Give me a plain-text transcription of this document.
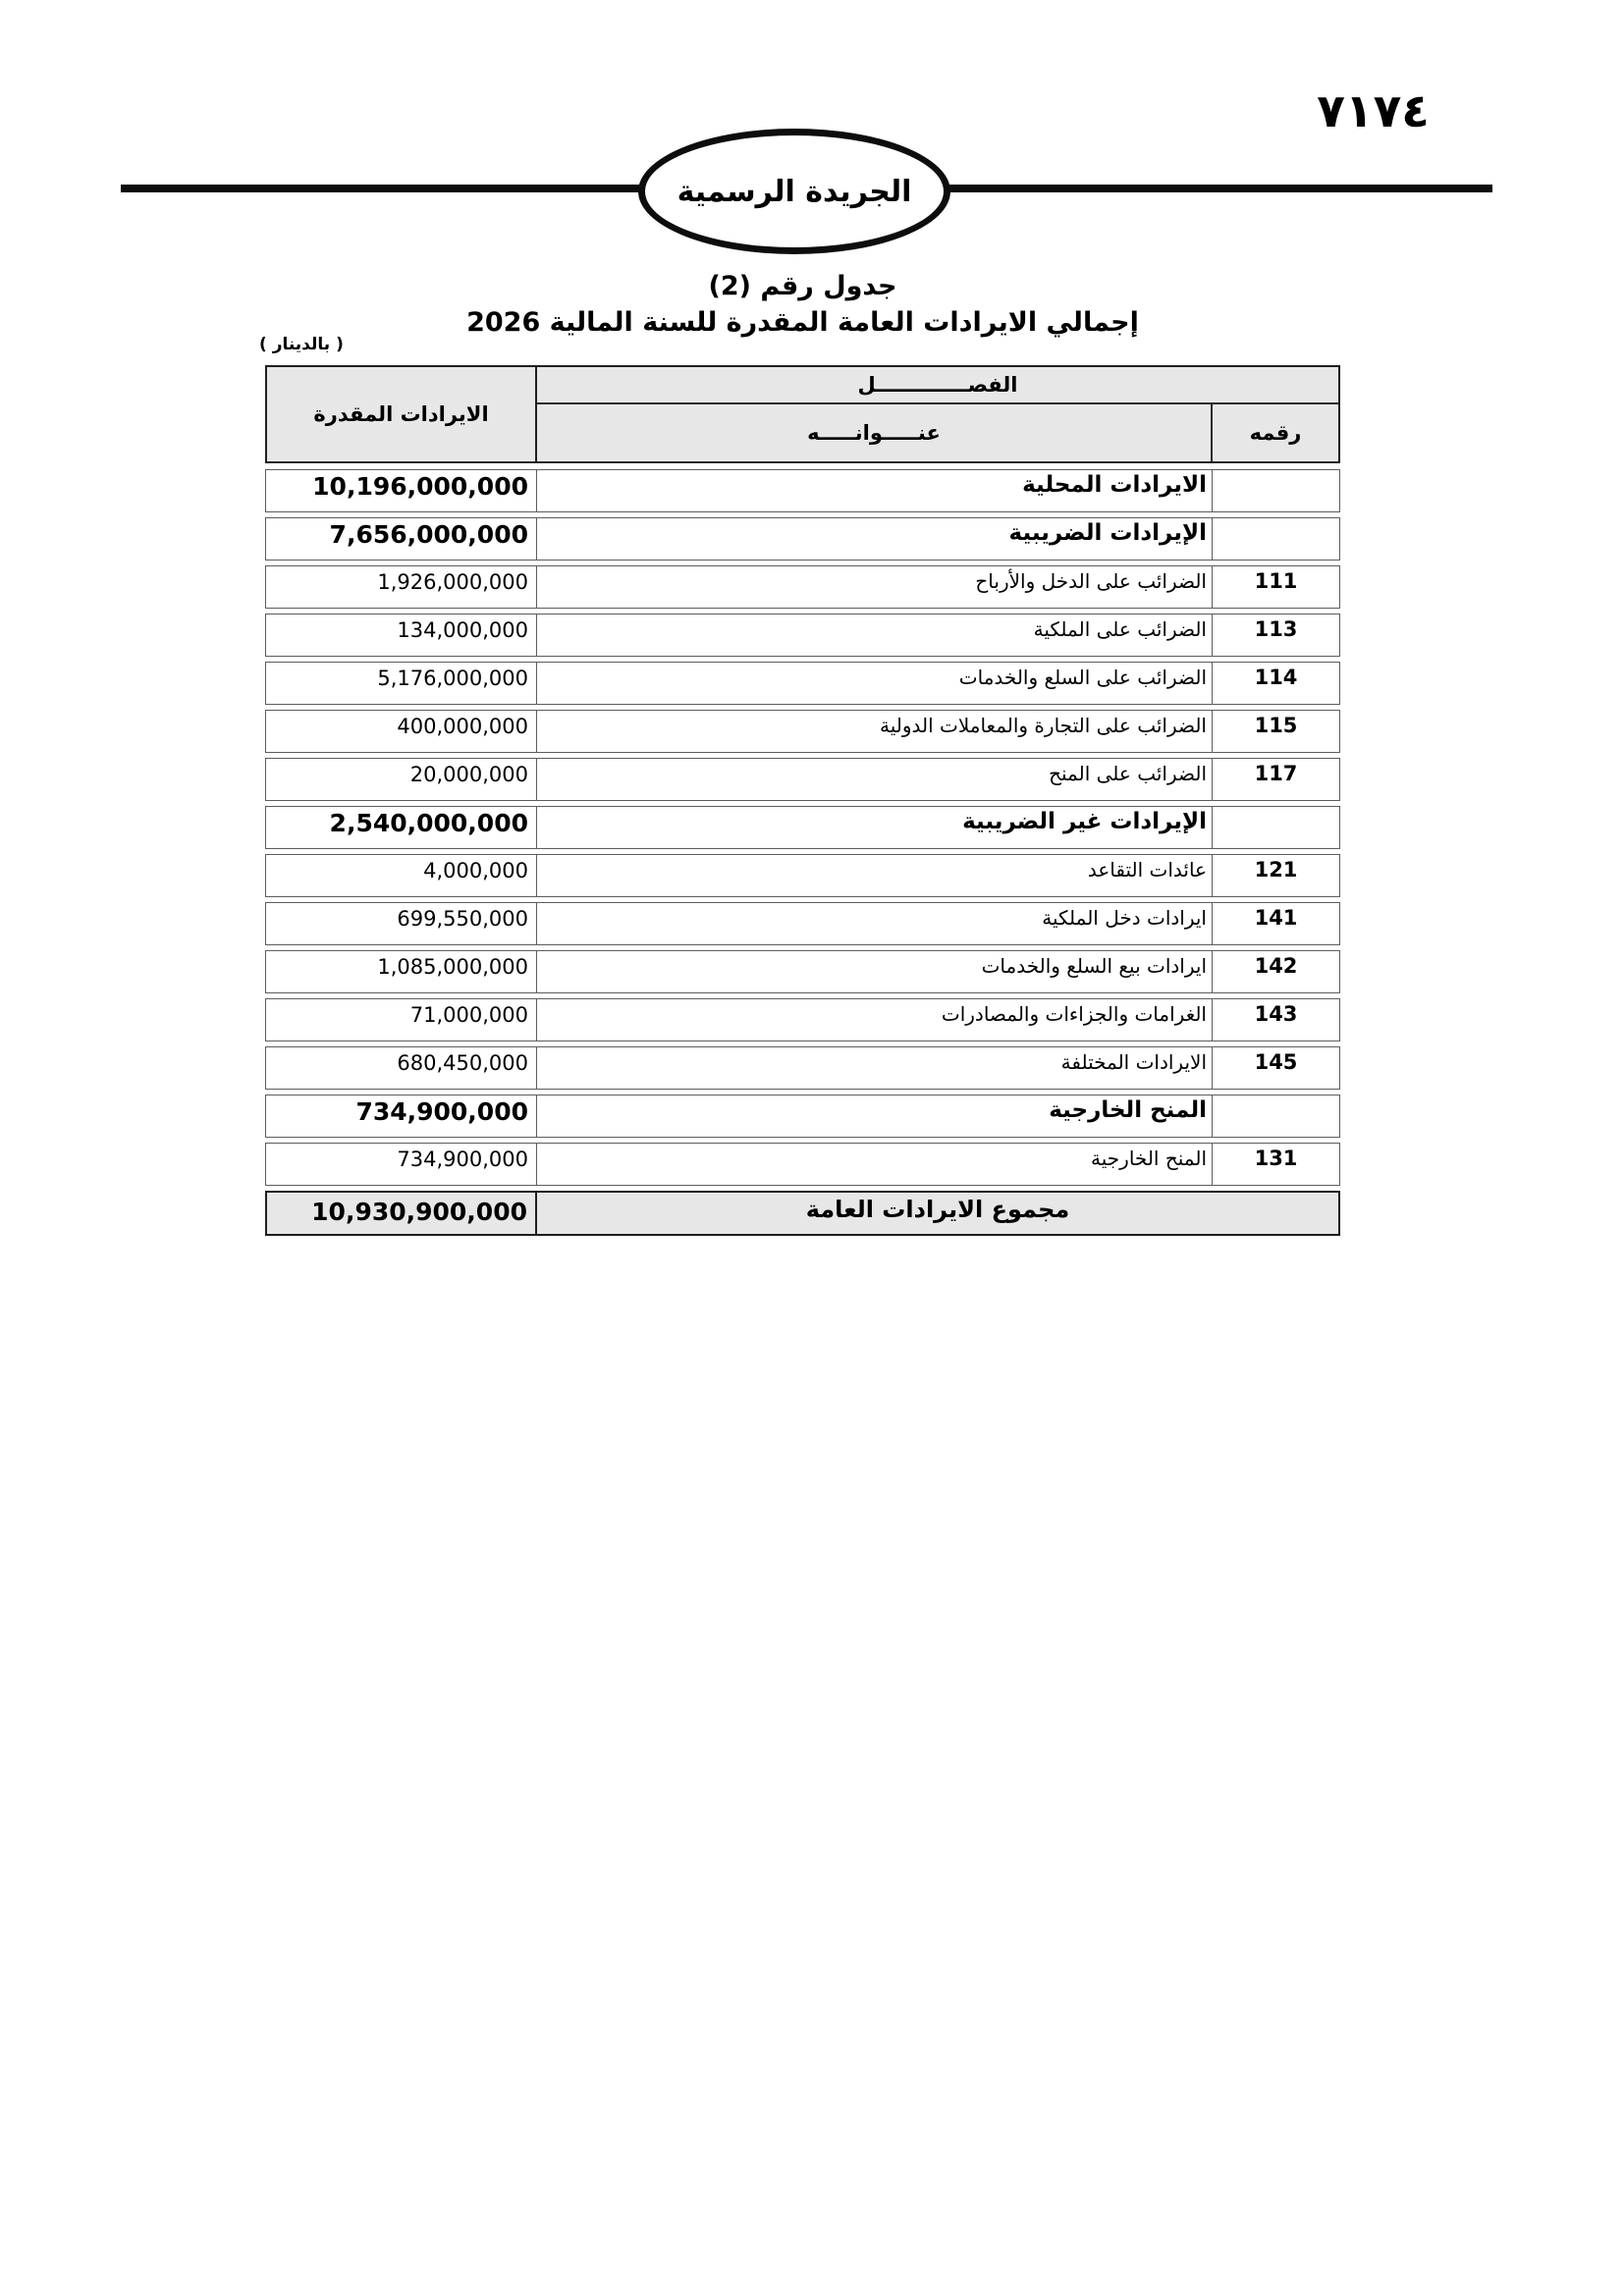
٧١٧٤
الجريدة الرسمية
جدول رقم (2)
إجمالي الايرادات العامة المقدرة للسنة المالية 2026
( بالدينار )
الفصـــــــــــــل
رقمه
عنـــــوانـــــه
الايرادات المقدرة
الايرادات المحلية
10,196,000,000
الإيرادات الضريبية
7,656,000,000
111
الضرائب على الدخل والأرباح
1,926,000,000
113
الضرائب على الملكية
134,000,000
114
الضرائب على السلع والخدمات
5,176,000,000
115
الضرائب على التجارة والمعاملات الدولية
400,000,000
117
الضرائب على المنح
20,000,000
الإيرادات غير الضريبية
2,540,000,000
121
عائدات التقاعد
4,000,000
141
ايرادات دخل الملكية
699,550,000
142
ايرادات بيع السلع والخدمات
1,085,000,000
143
الغرامات والجزاءات والمصادرات
71,000,000
145
الايرادات المختلفة
680,450,000
المنح الخارجية
734,900,000
131
المنح الخارجية
734,900,000
مجموع الايرادات العامة
10,930,900,000
